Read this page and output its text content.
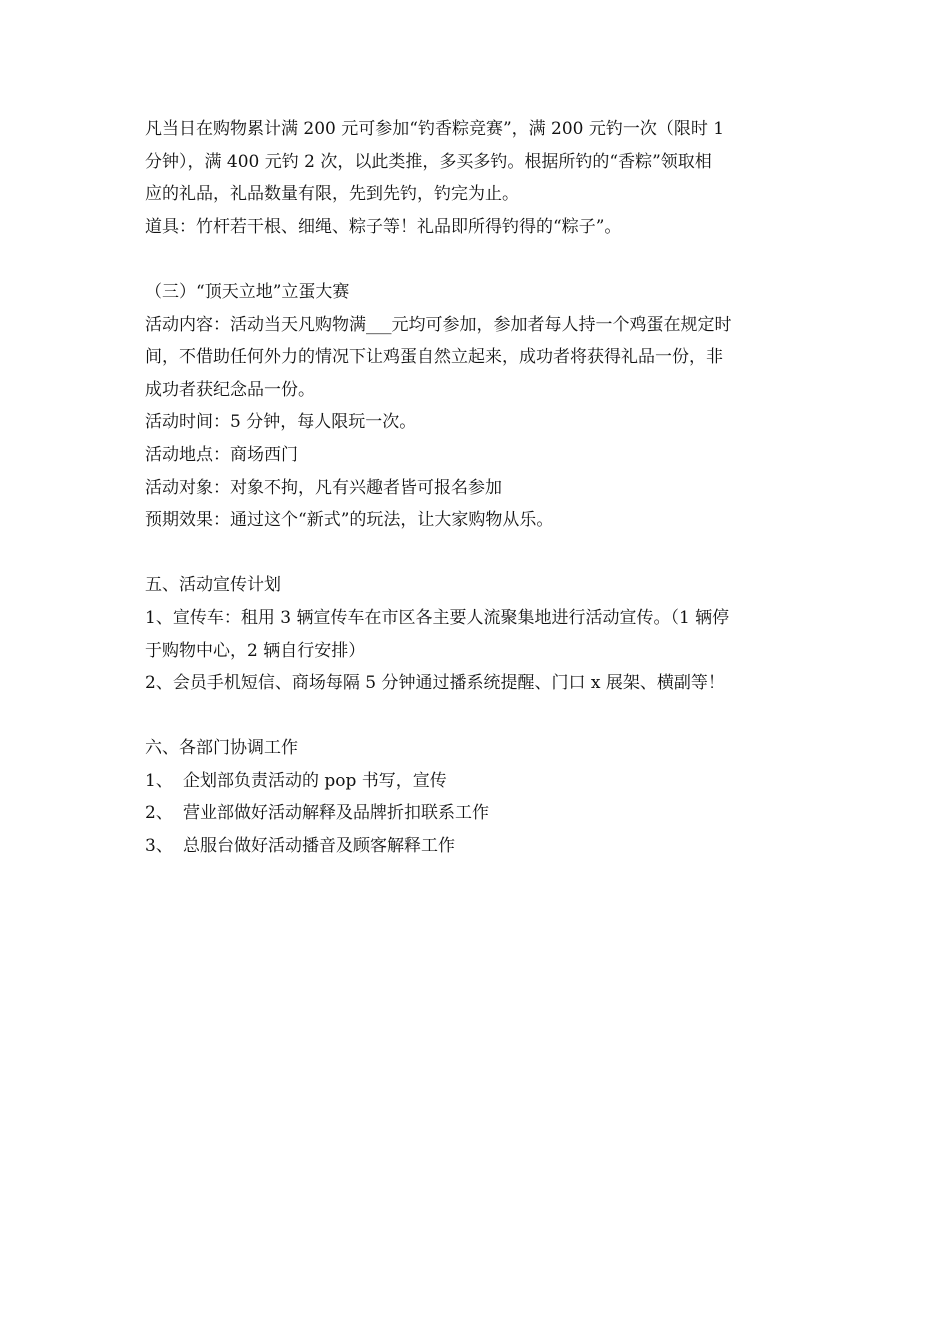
凡当日在购物累计满 200 元可参加“钓香粽竞赛”，满 200 元钓一次（限时 1
分钟），满 400 元钓 2 次，以此类推，多买多钓。根据所钓的“香粽”领取相
应的礼品，礼品数量有限，先到先钓，钓完为止。
道具：竹杆若干根、细绳、粽子等！礼品即所得钓得的“粽子”。
（三）“顶天立地”立蛋大赛
活动内容：活动当天凡购物满___元均可参加，参加者每人持一个鸡蛋在规定时
间，不借助任何外力的情况下让鸡蛋自然立起来，成功者将获得礼品一份，非
成功者获纪念品一份。
活动时间：5 分钟，每人限玩一次。
活动地点：商场西门
活动对象：对象不拘，凡有兴趣者皆可报名参加
预期效果：通过这个“新式”的玩法，让大家购物从乐。
五、活动宣传计划
1、宣传车：租用 3 辆宣传车在市区各主要人流聚集地进行活动宣传。（1 辆停
于购物中心，2 辆自行安排）
2、会员手机短信、商场每隔 5 分钟通过播系统提醒、门口 x 展架、横副等！
六、各部门协调工作
1、 企划部负责活动的 pop 书写，宣传
2、 营业部做好活动解释及品牌折扣联系工作
3、 总服台做好活动播音及顾客解释工作
